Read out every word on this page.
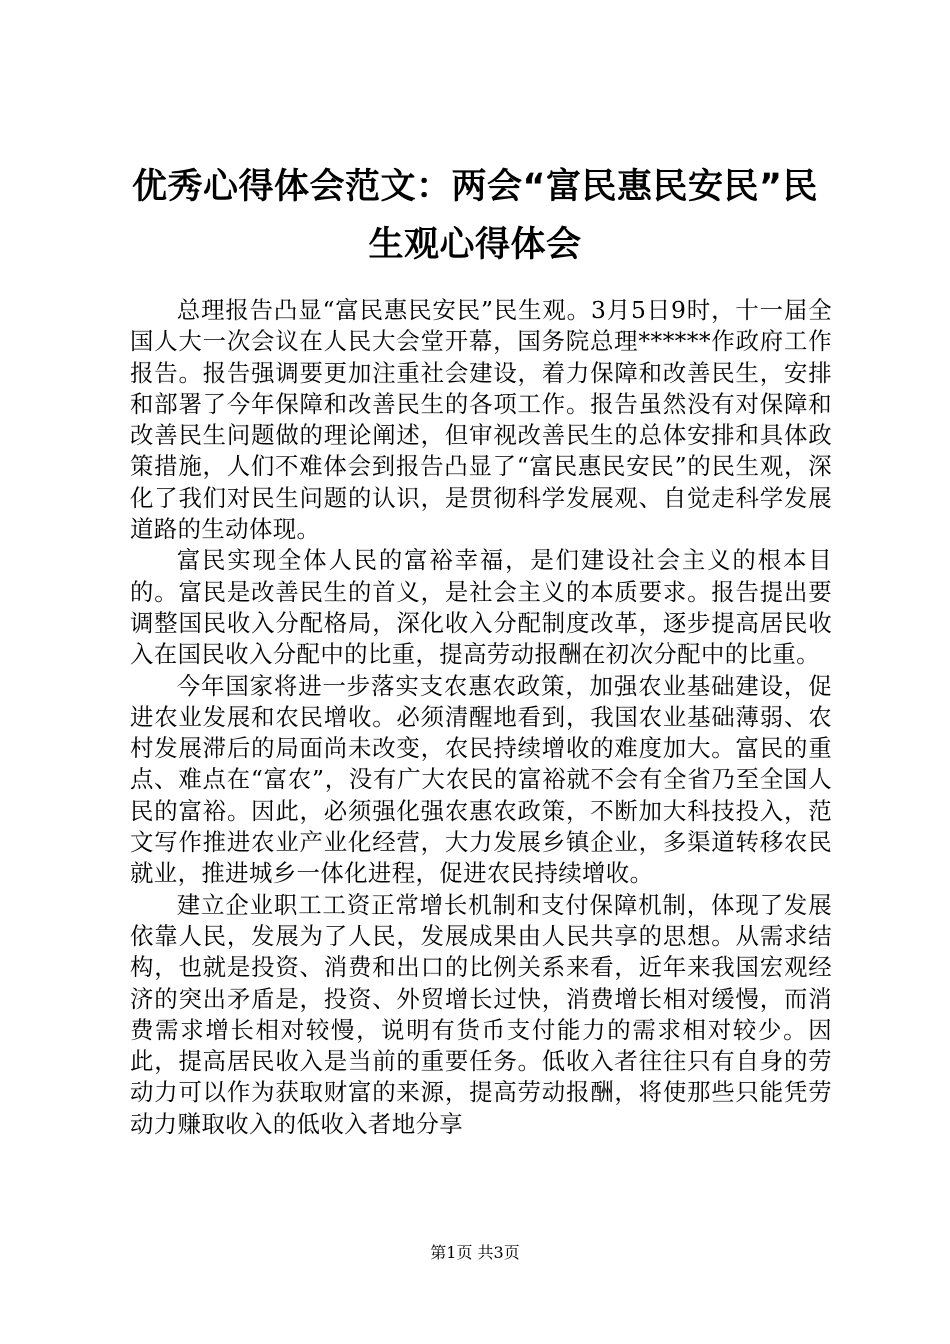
优秀心得体会范文：两会“富民惠民安民”民生观心得体会

总理报告凸显“富民惠民安民”民生观。3月5日9时，十一届全国人大一次会议在人民大会堂开幕，国务院总理******作政府工作报告。报告强调要更加注重社会建设，着力保障和改善民生，安排和部署了今年保障和改善民生的各项工作。报告虽然没有对保障和改善民生问题做的理论阐述，但审视改善民生的总体安排和具体政策措施，人们不难体会到报告凸显了“富民惠民安民”的民生观，深化了我们对民生问题的认识，是贯彻科学发展观、自觉走科学发展道路的生动体现。

富民实现全体人民的富裕幸福，是们建设社会主义的根本目的。富民是改善民生的首义，是社会主义的本质要求。报告提出要调整国民收入分配格局，深化收入分配制度改革，逐步提高居民收入在国民收入分配中的比重，提高劳动报酬在初次分配中的比重。

今年国家将进一步落实支农惠农政策，加强农业基础建设，促进农业发展和农民增收。必须清醒地看到，我国农业基础薄弱、农村发展滞后的局面尚未改变，农民持续增收的难度加大。富民的重点、难点在“富农”，没有广大农民的富裕就不会有全省乃至全国人民的富裕。因此，必须强化强农惠农政策，不断加大科技投入，范文写作推进农业产业化经营，大力发展乡镇企业，多渠道转移农民就业，推进城乡一体化进程，促进农民持续增收。

建立企业职工工资正常增长机制和支付保障机制，体现了发展依靠人民，发展为了人民，发展成果由人民共享的思想。从需求结构，也就是投资、消费和出口的比例关系来看，近年来我国宏观经济的突出矛盾是，投资、外贸增长过快，消费增长相对缓慢，而消费需求增长相对较慢，说明有货币支付能力的需求相对较少。因此，提高居民收入是当前的重要任务。低收入者往往只有自身的劳动力可以作为获取财富的来源，提高劳动报酬，将使那些只能凭劳动力赚取收入的低收入者地分享

第1页 共3页
